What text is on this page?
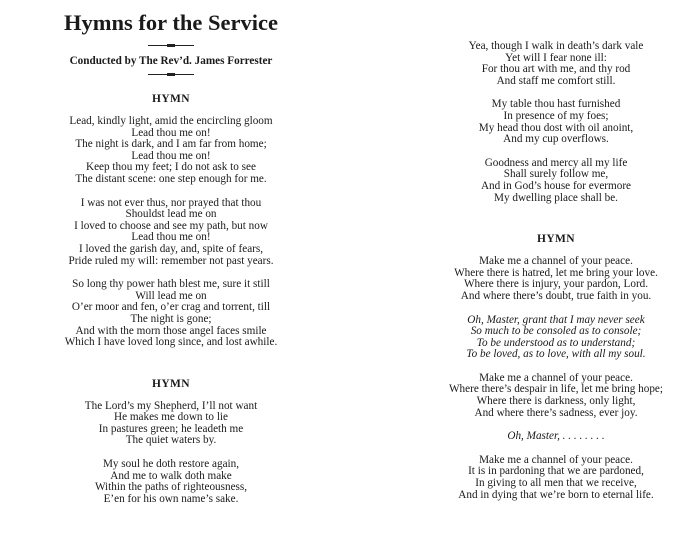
Hymns for the Service
Conducted by The Rev’d. James Forrester
HYMN
Lead, kindly light, amid the encircling gloom
Lead thou me on!
The night is dark, and I am far from home;
Lead thou me on!
Keep thou my feet; I do not ask to see
The distant scene: one step enough for me.
I was not ever thus, nor prayed that thou
Shouldst lead me on
I loved to choose and see my path, but now
Lead thou me on!
I loved the garish day, and, spite of fears,
Pride ruled my will: remember not past years.
So long thy power hath blest me, sure it still
Will lead me on
O’er moor and fen, o’er crag and torrent, till
The night is gone;
And with the morn those angel faces smile
Which I have loved long since, and lost awhile.
HYMN
The Lord’s my Shepherd, I’ll not want
He makes me down to lie
In pastures green; he leadeth me
The quiet waters by.
My soul he doth restore again,
And me to walk doth make
Within the paths of righteousness,
E’en for his own name’s sake.
Yea, though I walk in death’s dark vale
Yet will I fear none ill:
For thou art with me, and thy rod
And staff me comfort still.
My table thou hast furnished
In presence of my foes;
My head thou dost with oil anoint,
And my cup overflows.
Goodness and mercy all my life
Shall surely follow me,
And in God’s house for evermore
My dwelling place shall be.
HYMN
Make me a channel of your peace.
Where there is hatred, let me bring your love.
Where there is injury, your pardon, Lord.
And where there’s doubt, true faith in you.
Oh, Master, grant that I may never seek
So much to be consoled as to console;
To be understood as to understand;
To be loved, as to love, with all my soul.
Make me a channel of your peace.
Where there’s despair in life, let me bring hope;
Where there is darkness, only light,
And where there’s sadness, ever joy.
Oh, Master, . . . . . . . .
Make me a channel of your peace.
It is in pardoning that we are pardoned,
In giving to all men that we receive,
And in dying that we’re born to eternal life.
